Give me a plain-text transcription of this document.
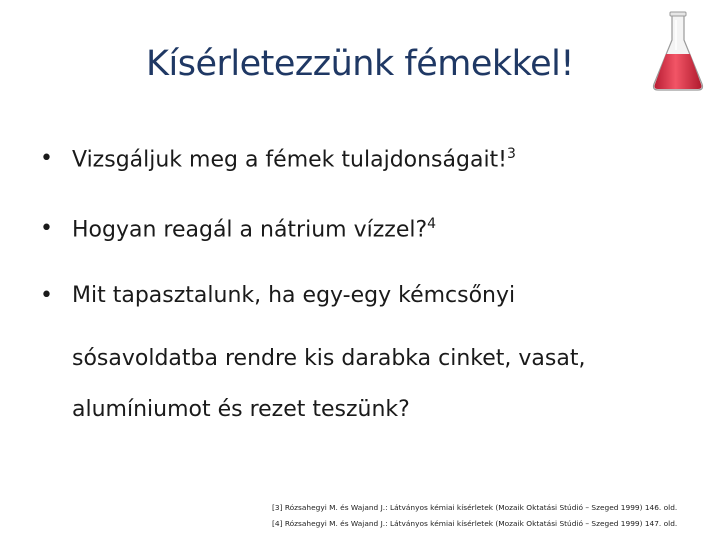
Kísérletezzünk fémekkel!
• Vizsgáljuk meg a fémek tulajdonságait!$^3$
• Hogyan reagál a nátrium vízzel?$^4$
• Mit tapasztalunk, ha egy-egy kémcsőnyi
sósavoldatba rendre kis darabka cinket, vasat,
alumíniumot és rezet teszünk?
[3] Rózsahegyi M. és Wajand J.: Látványos kémiai kísérletek (Mozaik Oktatási Stúdió – Szeged 1999) 146. old.
[4] Rózsahegyi M. és Wajand J.: Látványos kémiai kísérletek (Mozaik Oktatási Stúdió – Szeged 1999) 147. old.
